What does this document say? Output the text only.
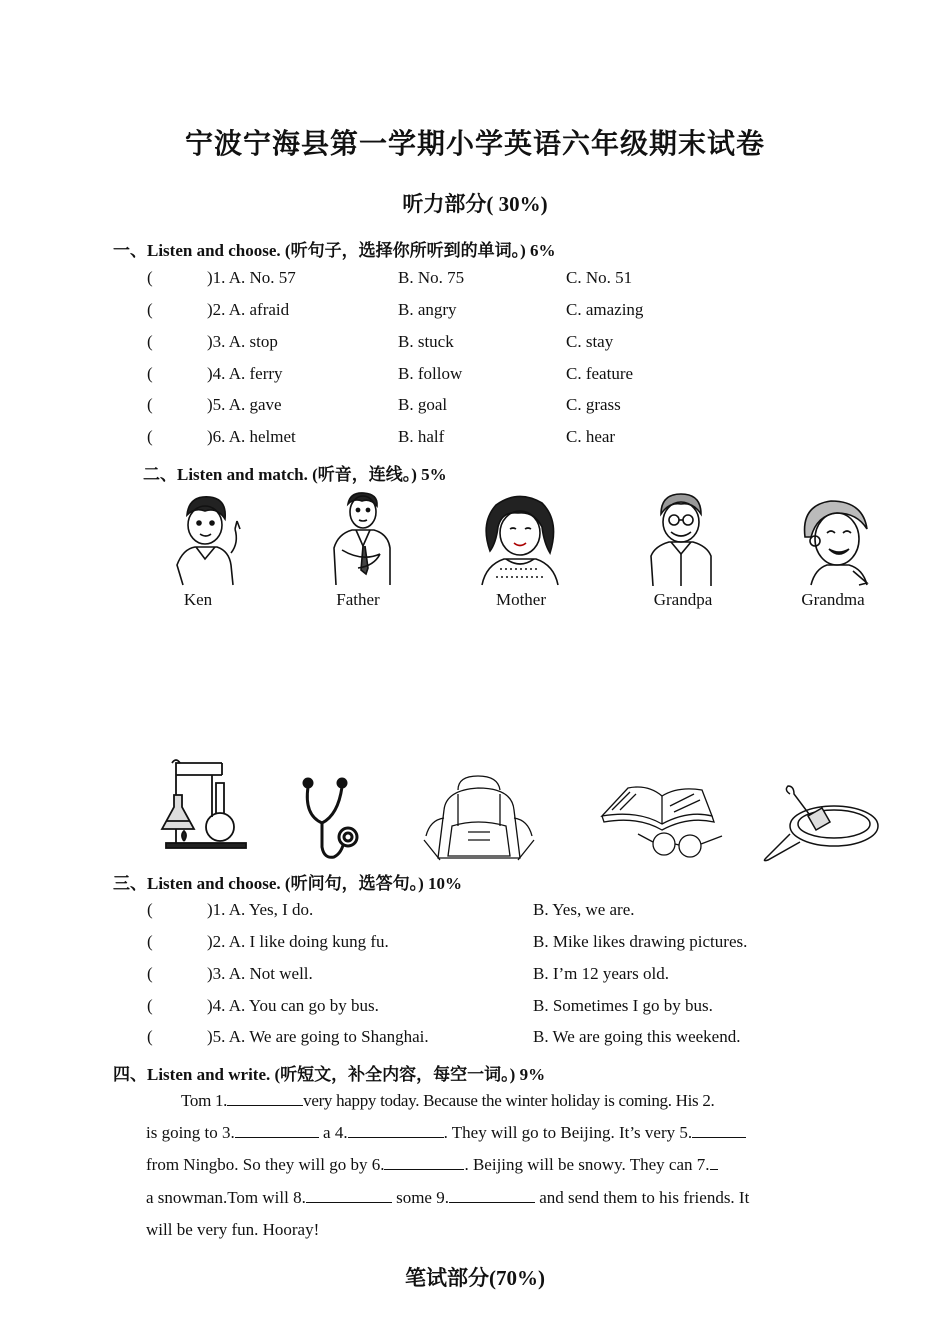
宁波宁海县第一学期小学英语六年级期末试卷
听力部分( 30%)
一、Listen and choose. (听句子，选择你所听到的单词。) 6%
(	)1. A. No. 57	B. No. 75	C. No. 51
(	)2. A. afraid	B. angry	C. amazing
(	)3. A. stop	B. stuck	C. stay
(	)4. A. ferry	B. follow	C. feature
(	)5. A. gave	B. goal	C. grass
(	)6. A. helmet	B. half	C. hear
二、Listen and match. (听音，连线。) 5%
Ken	Father	Mother	Grandpa	Grandma
三、Listen and choose. (听问句，选答句。) 10%
(	)1. A. Yes, I do.	B. Yes, we are.
(	)2. A. I like doing kung fu.	B. Mike likes drawing pictures.
(	)3. A. Not well.	B. I’m 12 years old.
(	)4. A. You can go by bus.	B. Sometimes I go by bus.
(	)5. A. We are going to Shanghai.	B. We are going this weekend.
四、Listen and write. (听短文，补全内容，每空一词。) 9%
Tom 1.	very happy today. Because the winter holiday is coming. His 2.
is going to 3.	a 4.	. They will go to Beijing. It’s very 5.
from Ningbo. So they will go by 6.	. Beijing will be snowy. They can 7.
a snowman.Tom will 8.	some 9.	and send them to his friends. It
will be very fun. Hooray!
笔试部分(70%)
